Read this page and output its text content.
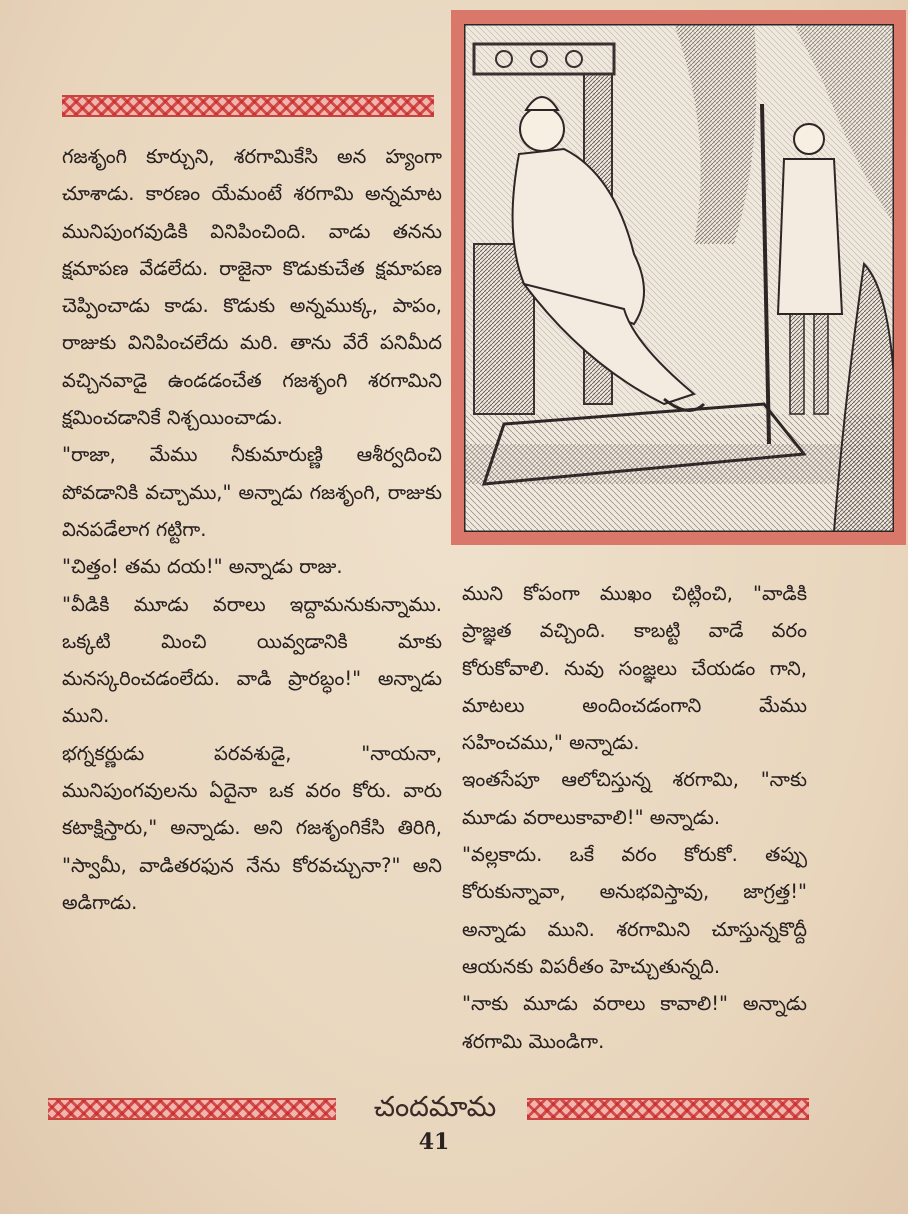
గజశృంగి కూర్చుని, శరగామికేసి అన హ్యంగా చూశాడు. కారణం యేమంటే శరగామి అన్నమాట మునిపుంగవుడికి వినిపించింది. వాడు తనను క్షమాపణ వేడలేదు. రాజైనా కొడుకుచేత క్షమాపణ చెప్పించాడు కాడు. కొడుకు అన్నముక్క, పాపం, రాజుకు వినిపించలేదు మరి. తాను వేరే పనిమీద వచ్చినవాడై ఉండడంచేత గజశృంగి శరగామిని క్షమించడానికే నిశ్చయించాడు.

"రాజా, మేము నీకుమారుణ్ణి ఆశీర్వదించి పోవడానికి వచ్చాము," అన్నాడు గజశృంగి, రాజుకు వినపడేలాగ గట్టిగా.

"చిత్తం! తమ దయ!" అన్నాడు రాజు.

"వీడికి మూడు వరాలు ఇద్దామనుకున్నాము. ఒక్కటి మించి యివ్వడానికి మాకు మనస్కరించడంలేదు. వాడి ప్రారబ్ధం!" అన్నాడు ముని.

భగ్నకర్ణుడు పరవశుడై, "నాయనా, మునిపుంగవులను ఏదైనా ఒక వరం కోరు. వారు కటాక్షిస్తారు," అన్నాడు. అని గజశృంగికేసి తిరిగి, "స్వామీ, వాడితరఫున నేను కోరవచ్చునా?" అని అడిగాడు.

ముని కోపంగా ముఖం చిట్లించి, "వాడికి ప్రాజ్ఞత వచ్చింది. కాబట్టి వాడే వరం కోరుకోవాలి. నువు సంజ్ఞలు చేయడం గాని, మాటలు అందించడంగాని మేము సహించము," అన్నాడు.

ఇంతసేపూ ఆలోచిస్తున్న శరగామి, "నాకు మూడు వరాలుకావాలి!" అన్నాడు.

"వల్లకాదు. ఒకే వరం కోరుకో. తప్పు కోరుకున్నావా, అనుభవిస్తావు, జాగ్రత్త!" అన్నాడు ముని. శరగామిని చూస్తున్నకొద్దీ ఆయనకు విపరీతం హెచ్చుతున్నది.

"నాకు మూడు వరాలు కావాలి!" అన్నాడు శరగామి మొండిగా.

చందమామ
41
